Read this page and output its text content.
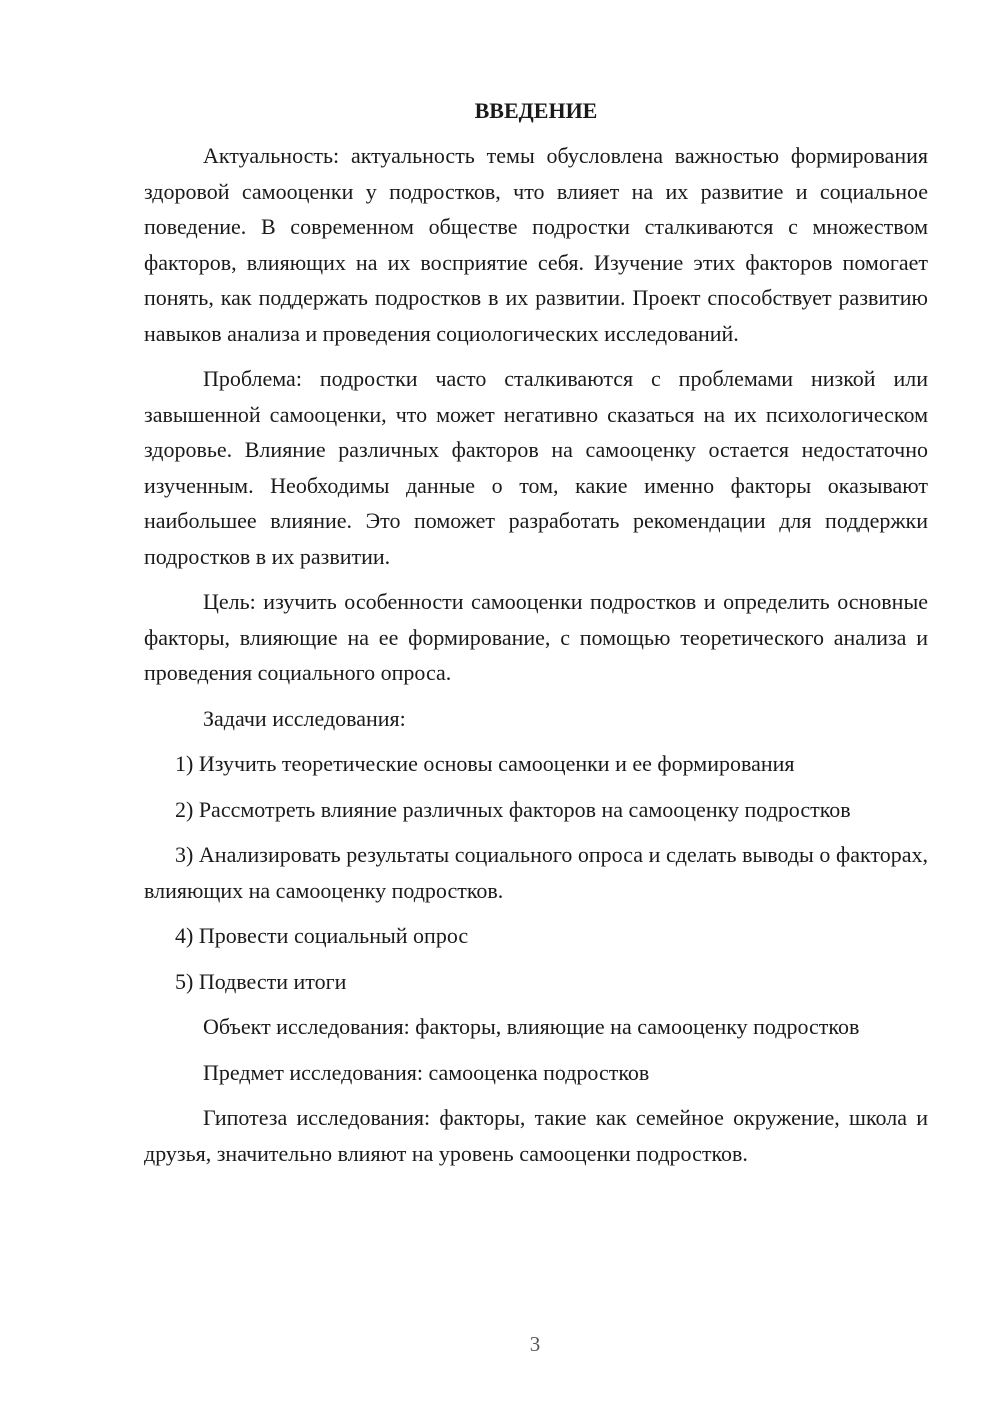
ВВЕДЕНИЕ

Актуальность: актуальность темы обусловлена важностью формирования здоровой самооценки у подростков, что влияет на их развитие и социальное поведение. В современном обществе подростки сталкиваются с множеством факторов, влияющих на их восприятие себя. Изучение этих факторов помогает понять, как поддержать подростков в их развитии. Проект способствует развитию навыков анализа и проведения социологических исследований.

Проблема: подростки часто сталкиваются с проблемами низкой или завышенной самооценки, что может негативно сказаться на их психологическом здоровье. Влияние различных факторов на самооценку остается недостаточно изученным. Необходимы данные о том, какие именно факторы оказывают наибольшее влияние. Это поможет разработать рекомендации для поддержки подростков в их развитии.

Цель: изучить особенности самооценки подростков и определить основные факторы, влияющие на ее формирование, с помощью теоретического анализа и проведения социального опроса.

Задачи исследования:

1) Изучить теоретические основы самооценки и ее формирования

2) Рассмотреть влияние различных факторов на самооценку подростков

3) Анализировать результаты социального опроса и сделать выводы о факторах, влияющих на самооценку подростков.

4) Провести социальный опрос

5) Подвести итоги

Объект исследования: факторы, влияющие на самооценку подростков

Предмет исследования: самооценка подростков

Гипотеза исследования: факторы, такие как семейное окружение, школа и друзья, значительно влияют на уровень самооценки подростков.

3
